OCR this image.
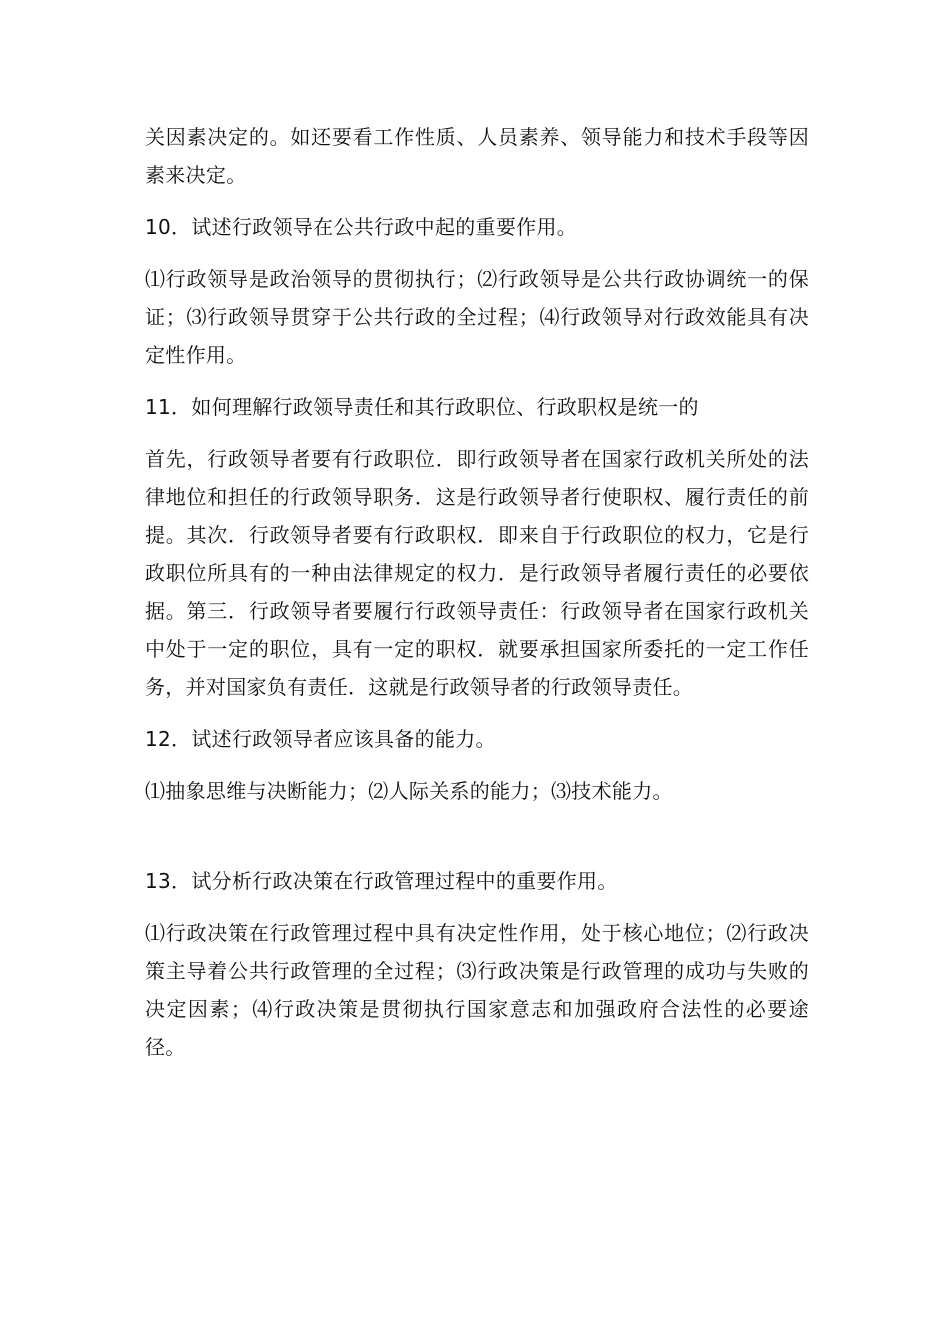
关因素决定的。如还要看工作性质、人员素养、领导能力和技术手段等因素来决定。

10．试述行政领导在公共行政中起的重要作用。

⑴行政领导是政治领导的贯彻执行；⑵行政领导是公共行政协调统一的保证；⑶行政领导贯穿于公共行政的全过程；⑷行政领导对行政效能具有决定性作用。

11．如何理解行政领导责任和其行政职位、行政职权是统一的

首先，行政领导者要有行政职位．即行政领导者在国家行政机关所处的法律地位和担任的行政领导职务．这是行政领导者行使职权、履行责任的前提。其次．行政领导者要有行政职权．即来自于行政职位的权力，它是行政职位所具有的一种由法律规定的权力．是行政领导者履行责任的必要依据。第三．行政领导者要履行行政领导责任：行政领导者在国家行政机关中处于一定的职位，具有一定的职权．就要承担国家所委托的一定工作任务，并对国家负有责任．这就是行政领导者的行政领导责任。

12．试述行政领导者应该具备的能力。

⑴抽象思维与决断能力；⑵人际关系的能力；⑶技术能力。

13．试分析行政决策在行政管理过程中的重要作用。

⑴行政决策在行政管理过程中具有决定性作用，处于核心地位；⑵行政决策主导着公共行政管理的全过程；⑶行政决策是行政管理的成功与失败的决定因素；⑷行政决策是贯彻执行国家意志和加强政府合法性的必要途径。
